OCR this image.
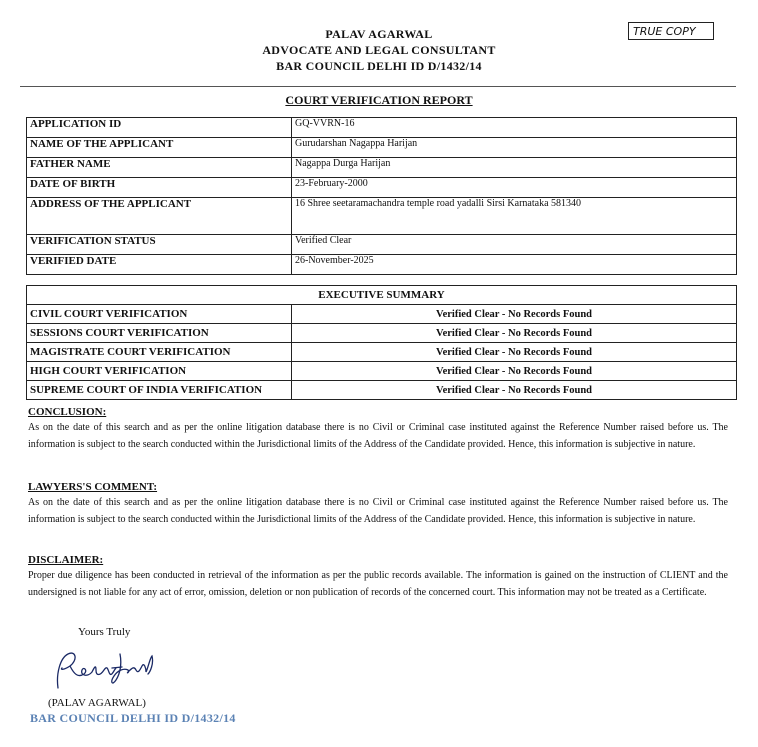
PALAV AGARWAL
ADVOCATE AND LEGAL CONSULTANT
BAR COUNCIL DELHI ID D/1432/14
TRUE COPY
COURT VERIFICATION REPORT
APPLICATION ID	GQ-VVRN-16
NAME OF THE APPLICANT	Gurudarshan Nagappa Harijan
FATHER NAME	Nagappa Durga Harijan
DATE OF BIRTH	23-February-2000
ADDRESS OF THE APPLICANT	16 Shree seetaramachandra temple road yadalli Sirsi Karnataka 581340
VERIFICATION STATUS	Verified Clear
VERIFIED DATE	26-November-2025
EXECUTIVE SUMMARY	
CIVIL COURT VERIFICATION	Verified Clear - No Records Found
SESSIONS COURT VERIFICATION	Verified Clear - No Records Found
MAGISTRATE COURT VERIFICATION	Verified Clear - No Records Found
HIGH COURT VERIFICATION	Verified Clear - No Records Found
SUPREME COURT OF INDIA VERIFICATION	Verified Clear - No Records Found
CONCLUSION:
As on the date of this search and as per the online litigation database there is no Civil or Criminal case instituted against the Reference Number raised before us. The information is subject to the search conducted within the Jurisdictional limits of the Address of the Candidate provided. Hence, this information is subjective in nature.
LAWYERS'S COMMENT:
As on the date of this search and as per the online litigation database there is no Civil or Criminal case instituted against the Reference Number raised before us. The information is subject to the search conducted within the Jurisdictional limits of the Address of the Candidate provided. Hence, this information is subjective in nature.
DISCLAIMER:
Proper due diligence has been conducted in retrieval of the information as per the public records available. The information is gained on the instruction of CLIENT and the undersigned is not liable for any act of error, omission, deletion or non publication of records of the concerned court. This information may not be treated as a Certificate.
Yours Truly
(PALAV AGARWAL)
BAR COUNCIL DELHI ID D/1432/14
